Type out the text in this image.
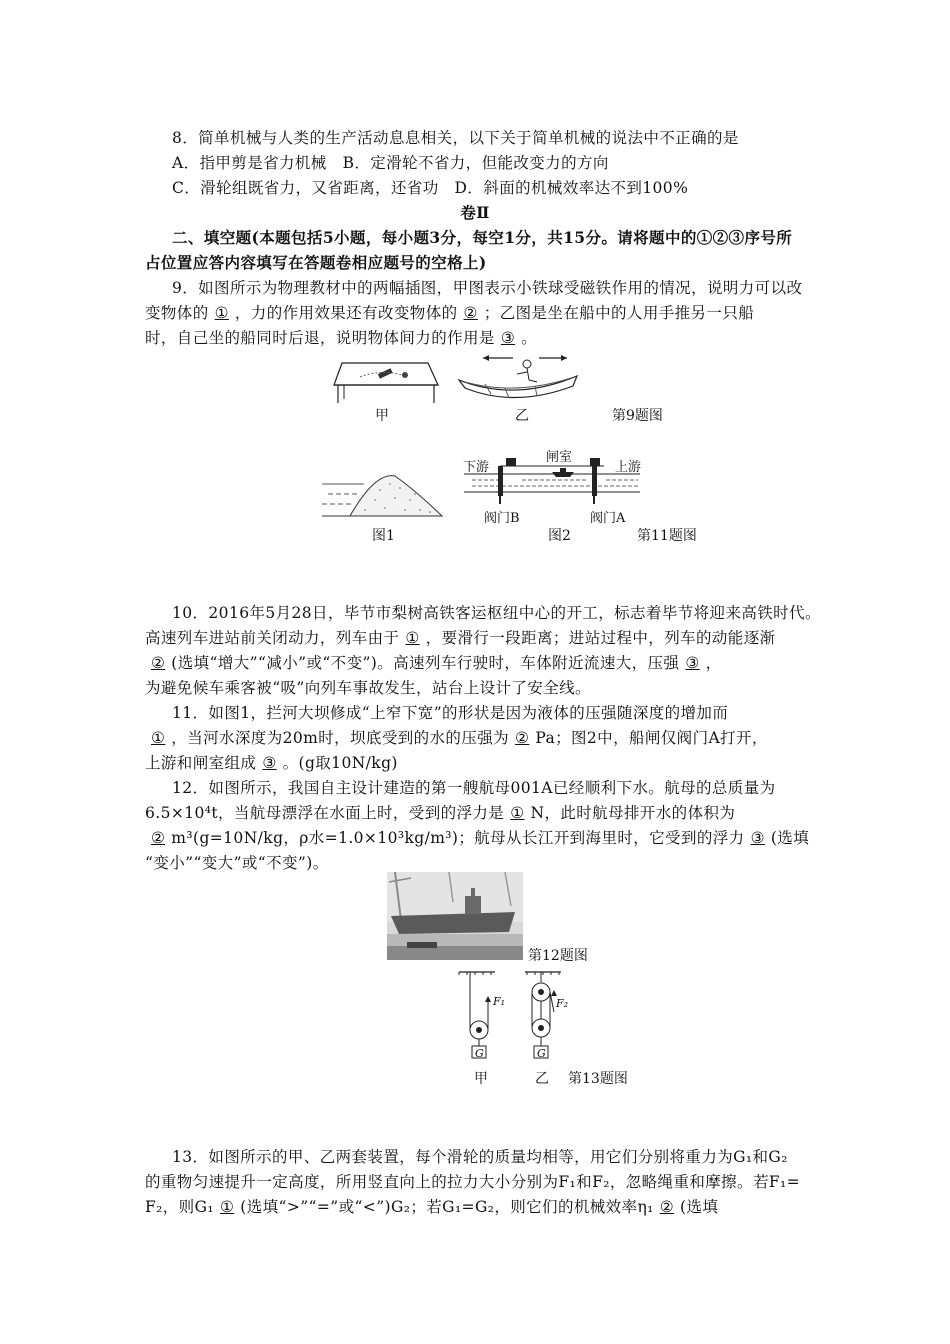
8．简单机械与人类的生产活动息息相关，以下关于简单机械的说法中不正确的是
A．指甲剪是省力机械　B．定滑轮不省力，但能改变力的方向
C．滑轮组既省力，又省距离，还省功　D．斜面的机械效率达不到100%
卷Ⅱ
二、填空题(本题包括5小题，每小题3分，每空1分，共15分。请将题中的①②③序号所
占位置应答内容填写在答题卷相应题号的空格上)
9．如图所示为物理教材中的两幅插图，甲图表示小铁球受磁铁作用的情况，说明力可以改
变物体的 ① ，力的作用效果还有改变物体的 ② ；乙图是坐在船中的人用手推另一只船
时，自己坐的船同时后退，说明物体间力的作用是 ③ 。
甲	乙	第9题图
图1
下游
闸室
上游
阀门B	阀门A
图2	第11题图
10．2016年5月28日，毕节市梨树高铁客运枢纽中心的开工，标志着毕节将迎来高铁时代。
高速列车进站前关闭动力，列车由于 ① ，要滑行一段距离；进站过程中，列车的动能逐渐
② (选填“增大”“减小”或“不变”)。高速列车行驶时，车体附近流速大，压强 ③ ，
为避免候车乘客被“吸”向列车事故发生，站台上设计了安全线。
11．如图1，拦河大坝修成“上窄下宽”的形状是因为液体的压强随深度的增加而
① ，当河水深度为20m时，坝底受到的水的压强为 ② Pa；图2中，船闸仅阀门A打开，
上游和闸室组成 ③ 。(g取10N/kg)
12．如图所示，我国自主设计建造的第一艘航母001A已经顺利下水。航母的总质量为
6.5×10⁴t，当航母漂浮在水面上时，受到的浮力是 ① N，此时航母排开水的体积为
② m³(g=10N/kg，ρ水=1.0×10³kg/m³)；航母从长江开到海里时，它受到的浮力 ③ (选填
“变小”“变大”或“不变”)。
第12题图
F₁	F₂
G	G
甲	乙 第13题图
13．如图所示的甲、乙两套装置，每个滑轮的质量均相等，用它们分别将重力为G₁和G₂
的重物匀速提升一定高度，所用竖直向上的拉力大小分别为F₁和F₂，忽略绳重和摩擦。若F₁=
F₂，则G₁ ① (选填“>”“=”或“<”)G₂；若G₁=G₂，则它们的机械效率η₁ ② (选填
